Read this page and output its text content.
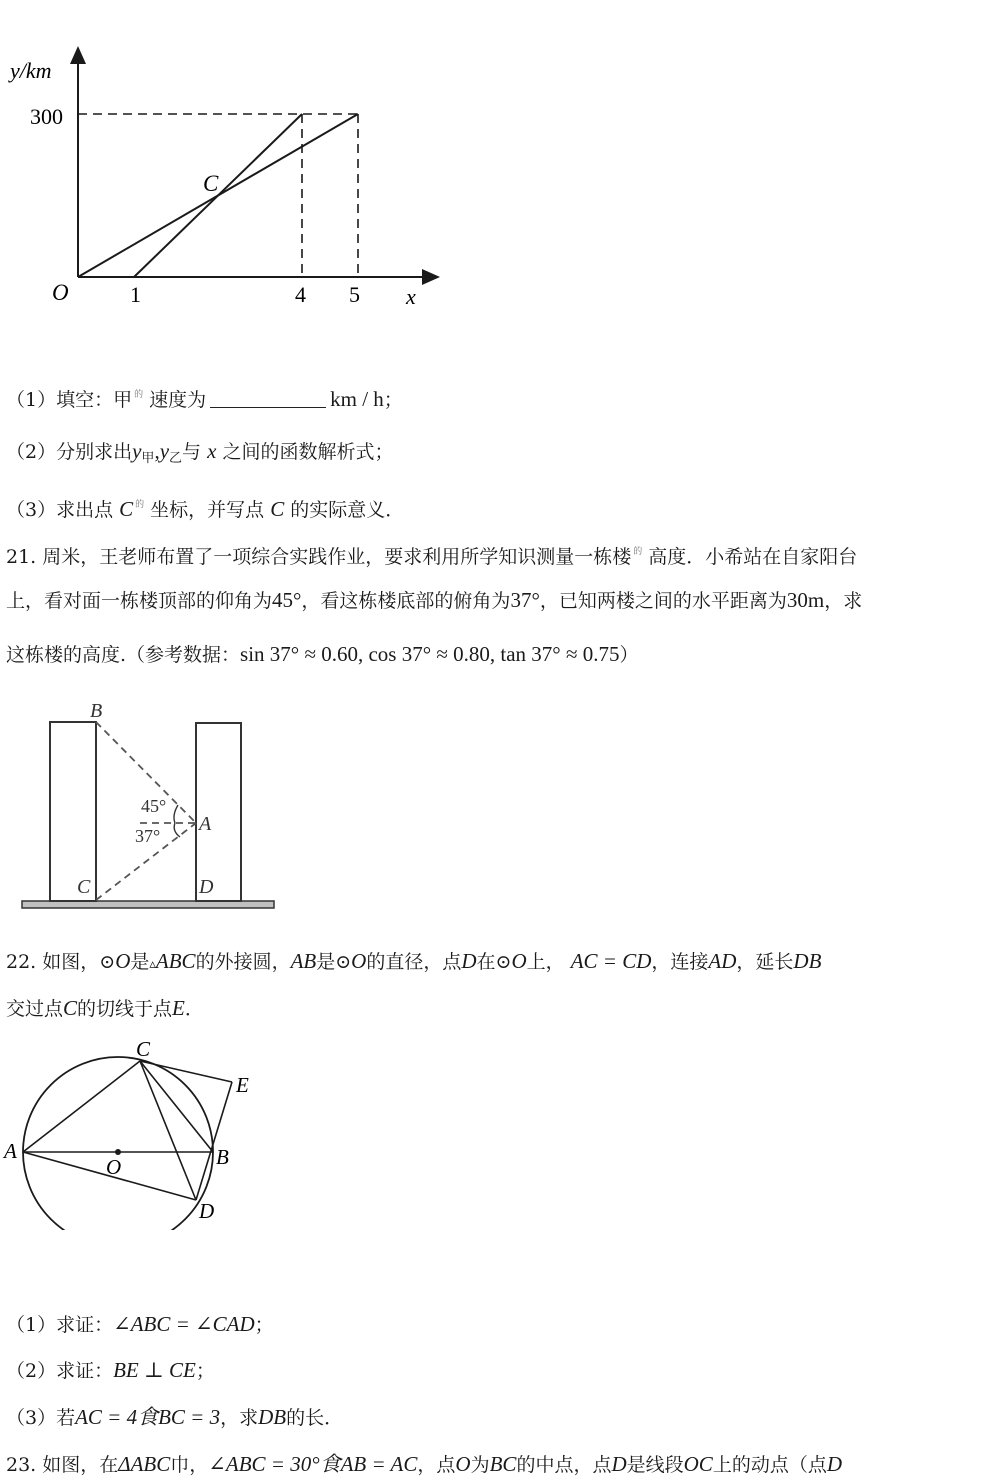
y/km
300
O	1	4 5 x
C
（1）填空：甲 $^的$ 速度为	km / h；
（2）分别求出$y_甲,y_乙$与 x 之间的函数解析式；
（3）求出点 C $^的$ 坐标，并写点 C 的实际意义．
21. 周米，王老师布置了一项综合实践作业，要求利用所学知识测量一栋楼 $^的$ 高度．小希站在自家阳台
上，看对面一栋楼顶部的仰角为45°，看这栋楼底部的俯角为37°，已知两楼之间的水平距离为30m，求
这栋楼的高度.（参考数据：sin 37° ≈ 0.60, cos 37° ≈ 0.80, tan 37° ≈ 0.75）
B
A
C	D
45°
37°
22. 如图，⊙O是▵ABC的外接圆，AB是⊙O的直径，点D在⊙O上， AC = CD，连接AD，延长DB
交过点C的切线于点E．
C
E
A
O	B
D
（1）求证：∠ABC = ∠CAD；
（2）求证：BE ⊥ CE；
（3）若AC = 4食BC = 3，求DB的长．
23. 如图，在ΔABC巾，∠ABC = 30°食AB = AC，点O为BC的中点，点D是线段OC上的动点（点D
